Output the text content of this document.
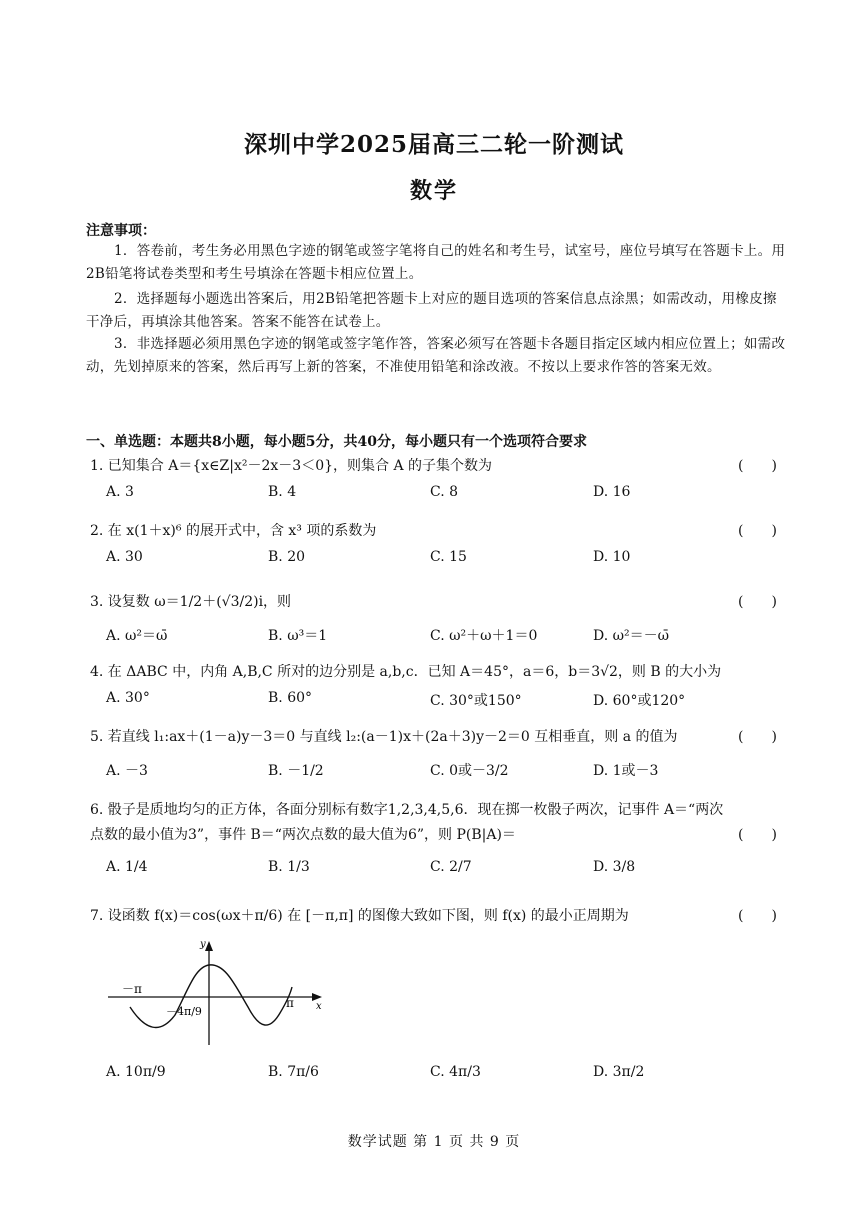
深圳中学2025届高三二轮一阶测试
数学
注意事项：
1．答卷前，考生务必用黑色字迹的钢笔或签字笔将自己的姓名和考生号，试室号，座位号填写在答题卡上。用2B铅笔将试卷类型和考生号填涂在答题卡相应位置上。
2．选择题每小题选出答案后，用2B铅笔把答题卡上对应的题目选项的答案信息点涂黑；如需改动，用橡皮擦干净后，再填涂其他答案。答案不能答在试卷上。
3．非选择题必须用黑色字迹的钢笔或签字笔作答，答案必须写在答题卡各题目指定区域内相应位置上；如需改动，先划掉原来的答案，然后再写上新的答案，不准使用铅笔和涂改液。不按以上要求作答的答案无效。
一、单选题：本题共8小题，每小题5分，共40分，每小题只有一个选项符合要求
1. 已知集合 A＝{x∈Z|x²－2x－3＜0}，则集合 A 的子集个数为	(　　)
A. 3	B. 4	C. 8	D. 16
2. 在 x(1＋x)⁶ 的展开式中，含 x³ 项的系数为	(　　)
A. 30	B. 20	C. 15	D. 10
3. 设复数 ω＝1/2＋(√3/2)i，则	(　　)
A. ω²＝ω̄	B. ω³＝1	C. ω²＋ω＋1＝0	D. ω²＝－ω̄
4. 在 ΔABC 中，内角 A,B,C 所对的边分别是 a,b,c．已知 A＝45°，a＝6，b＝3√2，则 B 的大小为
A. 30°	B. 60°	C. 30°或150°	D. 60°或120°
5. 若直线 l₁:ax＋(1－a)y－3＝0 与直线 l₂:(a－1)x＋(2a＋3)y－2＝0 互相垂直，则 a 的值为	(　　)
A. －3	B. －1/2	C. 0或－3/2	D. 1或－3
6. 骰子是质地均匀的正方体，各面分别标有数字1,2,3,4,5,6．现在掷一枚骰子两次，记事件 A＝“两次点数的最小值为3”，事件 B＝“两次点数的最大值为6”，则 P(B|A)＝	(　　)
A. 1/4	B. 1/3	C. 2/7	D. 3/8
7. 设函数 f(x)＝cos(ωx＋π/6) 在 [－π,π] 的图像大致如下图，则 f(x) 的最小正周期为	(　　)
y
x
－π
π
－4π/9
A. 10π/9	B. 7π/6	C. 4π/3	D. 3π/2
数学试题 第 1 页 共 9 页
